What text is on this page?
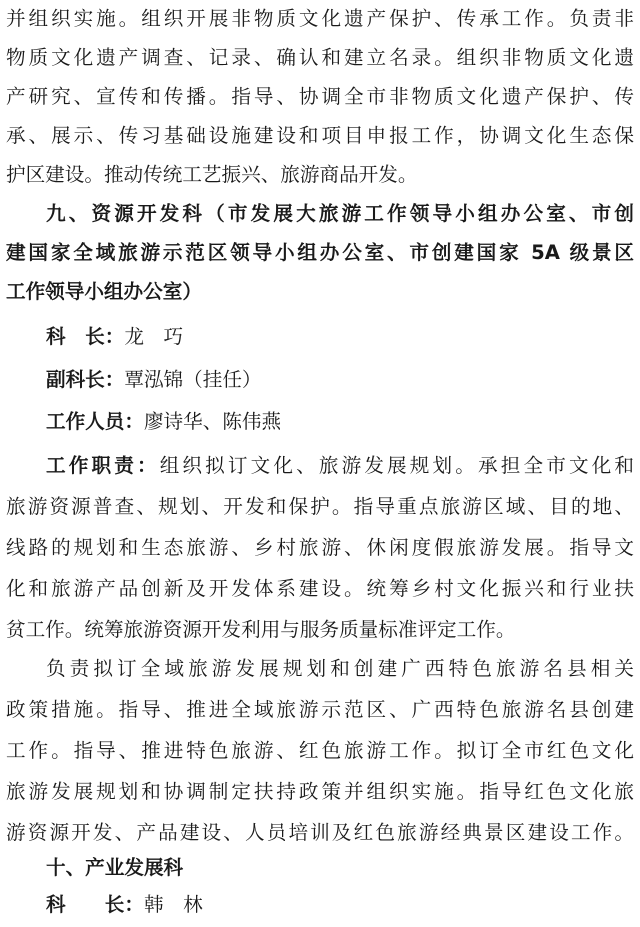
并组织实施。组织开展非物质文化遗产保护、传承工作。负责非
物质文化遗产调查、记录、确认和建立名录。组织非物质文化遗
产研究、宣传和传播。指导、协调全市非物质文化遗产保护、传
承、展示、传习基础设施建设和项目申报工作，协调文化生态保
护区建设。推动传统工艺振兴、旅游商品开发。
九、资源开发科（市发展大旅游工作领导小组办公室、市创
建国家全域旅游示范区领导小组办公室、市创建国家 5A 级景区
工作领导小组办公室）
科　长：龙　巧
副科长：覃泓锦（挂任）
工作人员：廖诗华、陈伟燕
工作职责：组织拟订文化、旅游发展规划。承担全市文化和
旅游资源普查、规划、开发和保护。指导重点旅游区域、目的地、
线路的规划和生态旅游、乡村旅游、休闲度假旅游发展。指导文
化和旅游产品创新及开发体系建设。统筹乡村文化振兴和行业扶
贫工作。统筹旅游资源开发利用与服务质量标准评定工作。
负责拟订全域旅游发展规划和创建广西特色旅游名县相关
政策措施。指导、推进全域旅游示范区、广西特色旅游名县创建
工作。指导、推进特色旅游、红色旅游工作。拟订全市红色文化
旅游发展规划和协调制定扶持政策并组织实施。指导红色文化旅
游资源开发、产品建设、人员培训及红色旅游经典景区建设工作。
十、产业发展科
科　　长：韩　林
